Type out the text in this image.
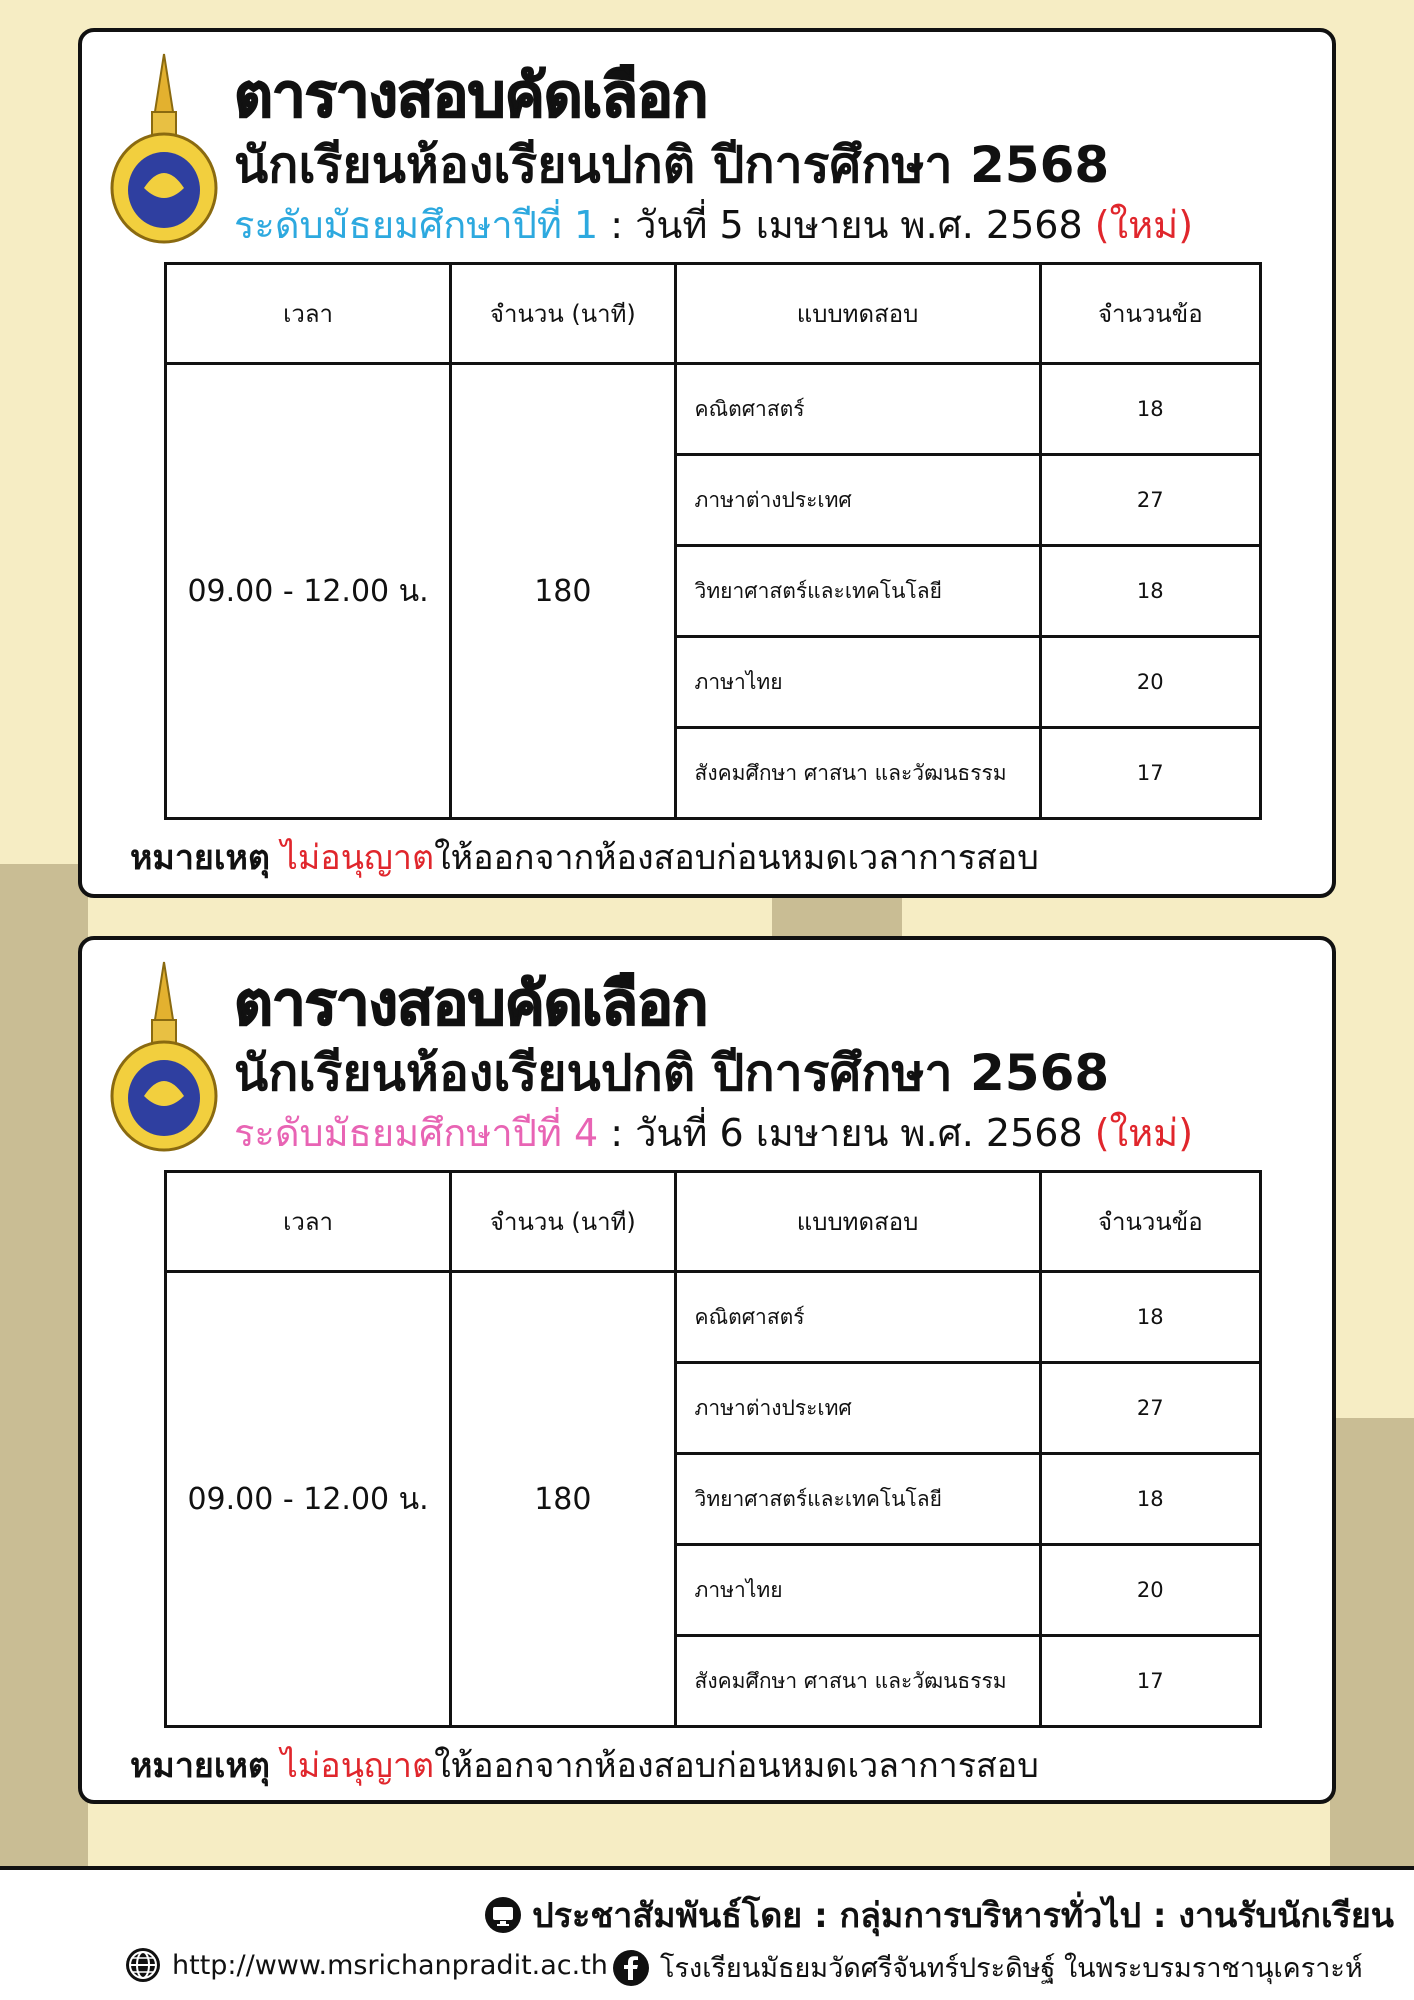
ตารางสอบคัดเลือก
นักเรียนห้องเรียนปกติ ปีการศึกษา 2568
ระดับมัธยมศึกษาปีที่ 1 : วันที่ 5 เมษายน พ.ศ. 2568 (ใหม่)
เวลา	จำนวน (นาที)	แบบทดสอบ	จำนวนข้อ
09.00 - 12.00 น.	180	คณิตศาสตร์	18
		ภาษาต่างประเทศ	27
		วิทยาศาสตร์และเทคโนโลยี	18
		ภาษาไทย	20
		สังคมศึกษา ศาสนา และวัฒนธรรม	17
หมายเหตุ ไม่อนุญาตให้ออกจากห้องสอบก่อนหมดเวลาการสอบ
ตารางสอบคัดเลือก
นักเรียนห้องเรียนปกติ ปีการศึกษา 2568
ระดับมัธยมศึกษาปีที่ 4 : วันที่ 6 เมษายน พ.ศ. 2568 (ใหม่)
เวลา	จำนวน (นาที)	แบบทดสอบ	จำนวนข้อ
09.00 - 12.00 น.	180	คณิตศาสตร์	18
		ภาษาต่างประเทศ	27
		วิทยาศาสตร์และเทคโนโลยี	18
		ภาษาไทย	20
		สังคมศึกษา ศาสนา และวัฒนธรรม	17
หมายเหตุ ไม่อนุญาตให้ออกจากห้องสอบก่อนหมดเวลาการสอบ
ประชาสัมพันธ์โดย : กลุ่มการบริหารทั่วไป : งานรับนักเรียน
http://www.msrichanpradit.ac.th โรงเรียนมัธยมวัดศรีจันทร์ประดิษฐ์ ในพระบรมราชานุเคราะห์
